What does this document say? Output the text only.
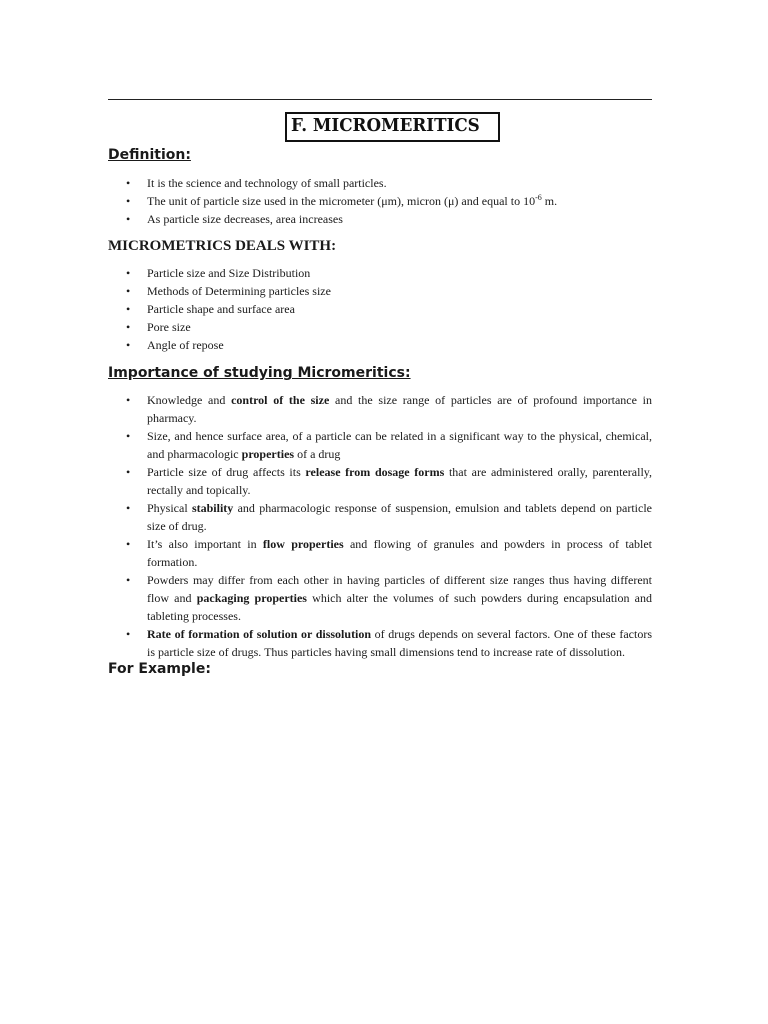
F. MICROMERITICS
Definition:
• It is the science and technology of small particles.
• The unit of particle size used in the micrometer (μm), micron (μ) and equal to $10^{-6}$ m.
• As particle size decreases, area increases
MICROMETRICS DEALS WITH:
• Particle size and Size Distribution
• Methods of Determining particles size
• Particle shape and surface area
• Pore size
• Angle of repose
Importance of studying Micromeritics:
• Knowledge and control of the size and the size range of particles are of profound importance in pharmacy.
• Size, and hence surface area, of a particle can be related in a significant way to the physical, chemical, and pharmacologic properties of a drug
• Particle size of drug affects its release from dosage forms that are administered orally, parenterally, rectally and topically.
• Physical stability and pharmacologic response of suspension, emulsion and tablets depend on particle size of drug.
• It’s also important in flow properties and flowing of granules and powders in process of tablet formation.
• Powders may differ from each other in having particles of different size ranges thus having different flow and packaging properties which alter the volumes of such powders during encapsulation and tableting processes.
• Rate of formation of solution or dissolution of drugs depends on several factors. One of these factors is particle size of drugs. Thus particles having small dimensions tend to increase rate of dissolution.
For Example:
